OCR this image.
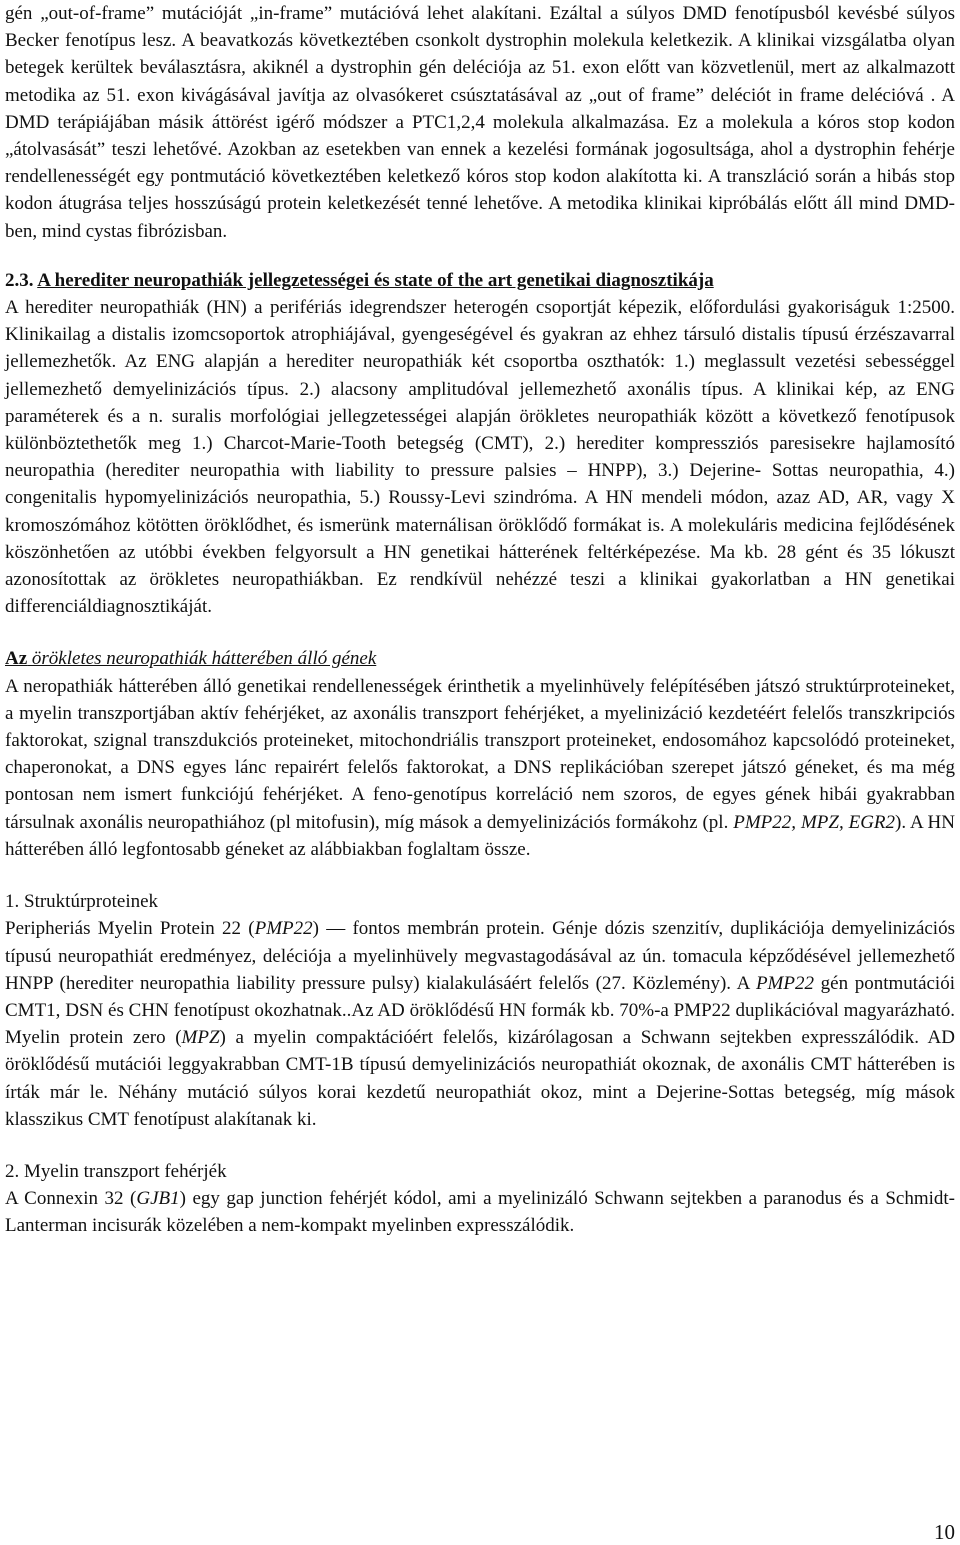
gén „out-of-frame” mutációját „in-frame” mutációvá lehet alakítani. Ezáltal a súlyos DMD fenotípusból kevésbé súlyos Becker fenotípus lesz. A beavatkozás következtében csonkolt dystrophin molekula keletkezik. A klinikai vizsgálatba olyan betegek kerültek beválasztásra, akiknél a dystrophin gén deléciója az 51. exon előtt van közvetlenül, mert az alkalmazott metodika az 51. exon kivágásával javítja az olvasókeret csúsztatásával az „out of frame” deléciót in frame delécióvá . A DMD terápiájában másik áttörést igérő módszer a PTC1,2,4 molekula alkalmazása. Ez a molekula a kóros stop kodon „átolvasását” teszi lehetővé. Azokban az esetekben van ennek a kezelési formának jogosultsága, ahol a dystrophin fehérje rendellenességét egy pontmutáció következtében keletkező kóros stop kodon alakította ki. A transzláció során a hibás stop kodon átugrása teljes hosszúságú protein keletkezését tenné lehetőve. A metodika klinikai kipróbálás előtt áll mind DMD-ben, mind cystas fibrózisban.

2.3. A herediter neuropathiák jellegzetességei és state of the art genetikai diagnosztikája

A herediter neuropathiák (HN) a perifériás idegrendszer heterogén csoportját képezik, előfordulási gyakoriságuk 1:2500. Klinikailag a distalis izomcsoportok atrophiájával, gyengeségével és gyakran az ehhez társuló distalis típusú érzészavarral jellemezhetők. Az ENG alapján a herediter neuropathiák két csoportba oszthatók: 1.) meglassult vezetési sebességgel jellemezhető demyelinizációs típus. 2.) alacsony amplitudóval jellemezhető axonális típus. A klinikai kép, az ENG paraméterek és a n. suralis morfológiai jellegzetességei alapján örökletes neuropathiák között a következő fenotípusok különböztethetők meg 1.) Charcot-Marie-Tooth betegség (CMT), 2.) herediter kompressziós paresisekre hajlamosító neuropathia (herediter neuropathia with liability to pressure palsies – HNPP), 3.) Dejerine- Sottas neuropathia, 4.) congenitalis hypomyelinizációs neuropathia, 5.) Roussy-Levi szindróma. A HN mendeli módon, azaz AD, AR, vagy X kromoszómához kötötten öröklődhet, és ismerünk maternálisan öröklődő formákat is. A molekuláris medicina fejlődésének köszönhetően az utóbbi években felgyorsult a HN genetikai hátterének feltérképezése. Ma kb. 28 gént és 35 lókuszt azonosítottak az örökletes neuropathiákban. Ez rendkívül nehézzé teszi a klinikai gyakorlatban a HN genetikai differenciáldiagnosztikáját.

Az örökletes neuropathiák hátterében álló gének

A neropathiák hátterében álló genetikai rendellenességek érinthetik a myelinhüvely felépítésében játszó struktúrproteineket, a myelin transzportjában aktív fehérjéket, az axonális transzport fehérjéket, a myelinizáció kezdetéért felelős transzkripciós faktorokat, szignal transzdukciós proteineket, mitochondriális transzport proteineket, endosomához kapcsolódó proteineket, chaperonokat, a DNS egyes lánc repairért felelős faktorokat, a DNS replikációban szerepet játszó géneket, és ma még pontosan nem ismert funkciójú fehérjéket. A feno-genotípus korreláció nem szoros, de egyes gének hibái gyakrabban társulnak axonális neuropathiához (pl mitofusin), míg mások a demyelinizációs formákohz (pl. PMP22, MPZ, EGR2). A HN hátterében álló legfontosabb géneket az alábbiakban foglaltam össze.

1. Struktúrproteinek

Peripheriás Myelin Protein 22 (PMP22) — fontos membrán protein. Génje dózis szenzitív, duplikációja demyelinizációs típusú neuropathiát eredményez, deléciója a myelinhüvely megvastagodásával az ún. tomacula képződésével jellemezhető HNPP (herediter neuropathia liability pressure pulsy) kialakulásáért felelős (27. Közlemény). A PMP22 gén pontmutációi CMT1, DSN és CHN fenotípust okozhatnak..Az AD öröklődésű HN formák kb. 70%-a PMP22 duplikációval magyarázható. Myelin protein zero (MPZ) a myelin compaktációért felelős, kizárólagosan a Schwann sejtekben expresszálódik. AD öröklődésű mutációi leggyakrabban CMT-1B típusú demyelinizációs neuropathiát okoznak, de axonális CMT hátterében is írták már le. Néhány mutáció súlyos korai kezdetű neuropathiát okoz, mint a Dejerine-Sottas betegség, míg mások klasszikus CMT fenotípust alakítanak ki.

2. Myelin transzport fehérjék

A Connexin 32 (GJB1) egy gap junction fehérjét kódol, ami a myelinizáló Schwann sejtekben a paranodus és a Schmidt-Lanterman incisurák közelében a nem-kompakt myelinben expresszálódik.

10
